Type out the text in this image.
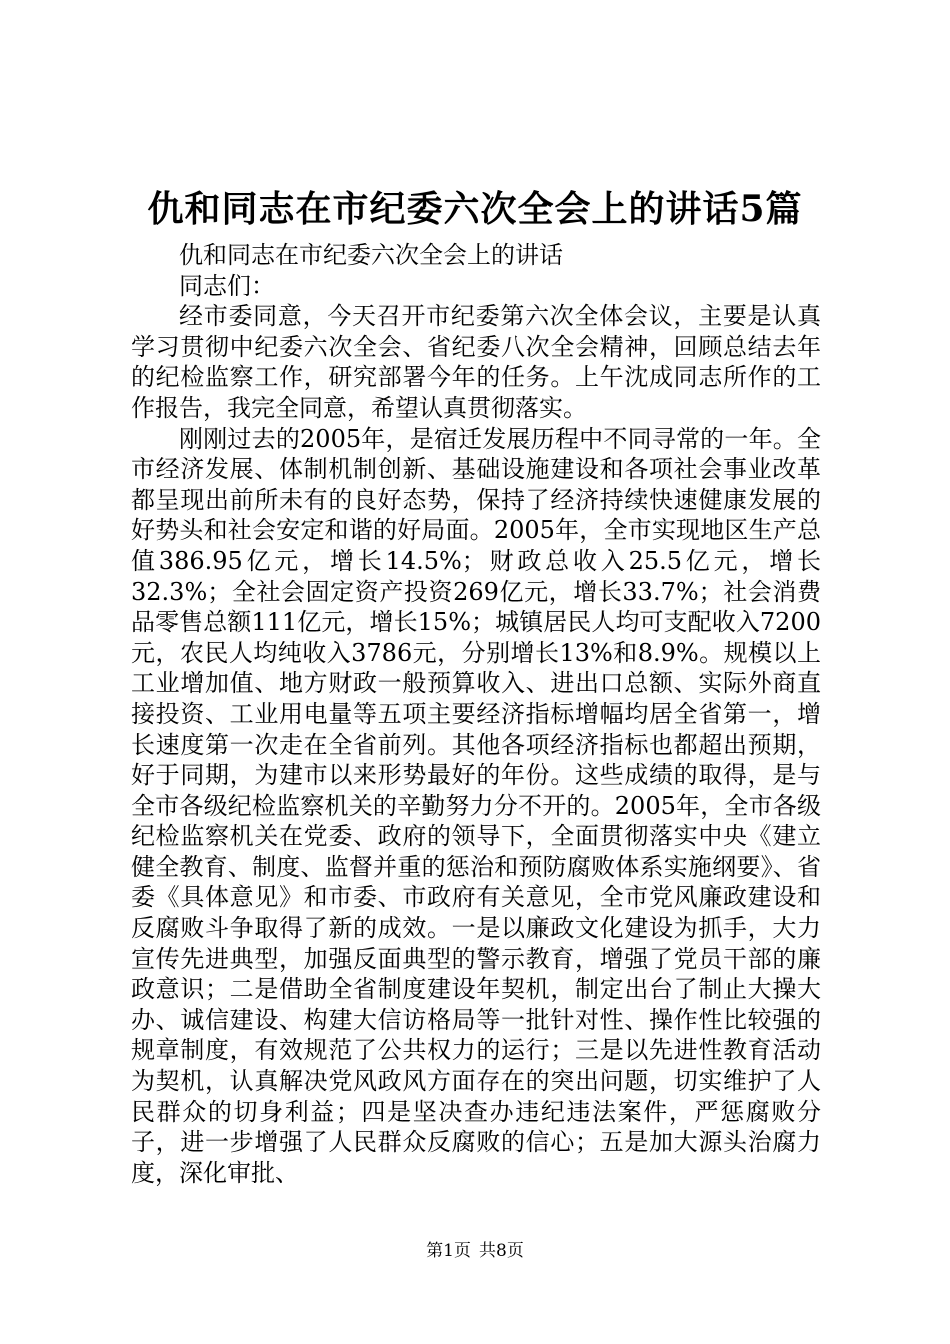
仇和同志在市纪委六次全会上的讲话5篇

仇和同志在市纪委六次全会上的讲话

同志们：

经市委同意，今天召开市纪委第六次全体会议，主要是认真学习贯彻中纪委六次全会、省纪委八次全会精神，回顾总结去年的纪检监察工作，研究部署今年的任务。上午沈成同志所作的工作报告，我完全同意，希望认真贯彻落实。

刚刚过去的2005年，是宿迁发展历程中不同寻常的一年。全市经济发展、体制机制创新、基础设施建设和各项社会事业改革都呈现出前所未有的良好态势，保持了经济持续快速健康发展的好势头和社会安定和谐的好局面。2005年，全市实现地区生产总值386.95亿元，增长14.5%；财政总收入25.5亿元，增长32.3%；全社会固定资产投资269亿元，增长33.7%；社会消费品零售总额111亿元，增长15%；城镇居民人均可支配收入7200元，农民人均纯收入3786元，分别增长13%和8.9%。规模以上工业增加值、地方财政一般预算收入、进出口总额、实际外商直接投资、工业用电量等五项主要经济指标增幅均居全省第一，增长速度第一次走在全省前列。其他各项经济指标也都超出预期，好于同期，为建市以来形势最好的年份。这些成绩的取得，是与全市各级纪检监察机关的辛勤努力分不开的。2005年，全市各级纪检监察机关在党委、政府的领导下，全面贯彻落实中央《建立健全教育、制度、监督并重的惩治和预防腐败体系实施纲要》、省委《具体意见》和市委、市政府有关意见，全市党风廉政建设和反腐败斗争取得了新的成效。一是以廉政文化建设为抓手，大力宣传先进典型，加强反面典型的警示教育，增强了党员干部的廉政意识；二是借助全省制度建设年契机，制定出台了制止大操大办、诚信建设、构建大信访格局等一批针对性、操作性比较强的规章制度，有效规范了公共权力的运行；三是以先进性教育活动为契机，认真解决党风政风方面存在的突出问题，切实维护了人民群众的切身利益；四是坚决查办违纪违法案件，严惩腐败分子，进一步增强了人民群众反腐败的信心；五是加大源头治腐力度，深化审批、

第1页 共8页
